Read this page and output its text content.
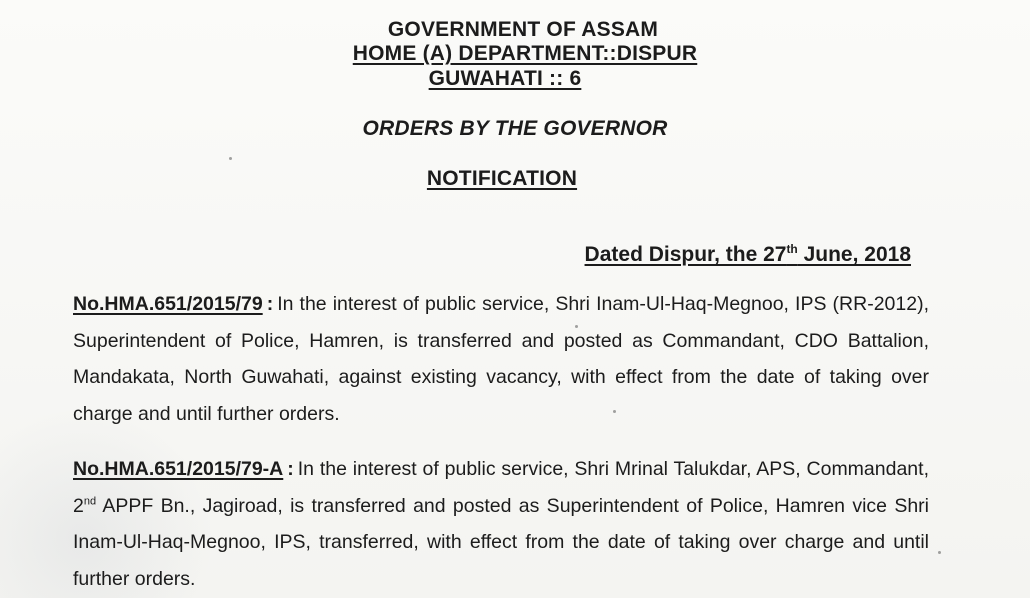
GOVERNMENT OF ASSAM
HOME (A) DEPARTMENT::DISPUR
GUWAHATI :: 6
ORDERS BY THE GOVERNOR
NOTIFICATION
Dated Dispur, the 27th June, 2018
No.HMA.651/2015/79 : In the interest of public service, Shri Inam-Ul-Haq-Megnoo, IPS (RR-2012), Superintendent of Police, Hamren, is transferred and posted as Commandant, CDO Battalion, Mandakata, North Guwahati, against existing vacancy, with effect from the date of taking over charge and until further orders.
No.HMA.651/2015/79-A : In the interest of public service, Shri Mrinal Talukdar, APS, Commandant, 2nd APPF Bn., Jagiroad, is transferred and posted as Superintendent of Police, Hamren vice Shri Inam-Ul-Haq-Megnoo, IPS, transferred, with effect from the date of taking over charge and until further orders.
